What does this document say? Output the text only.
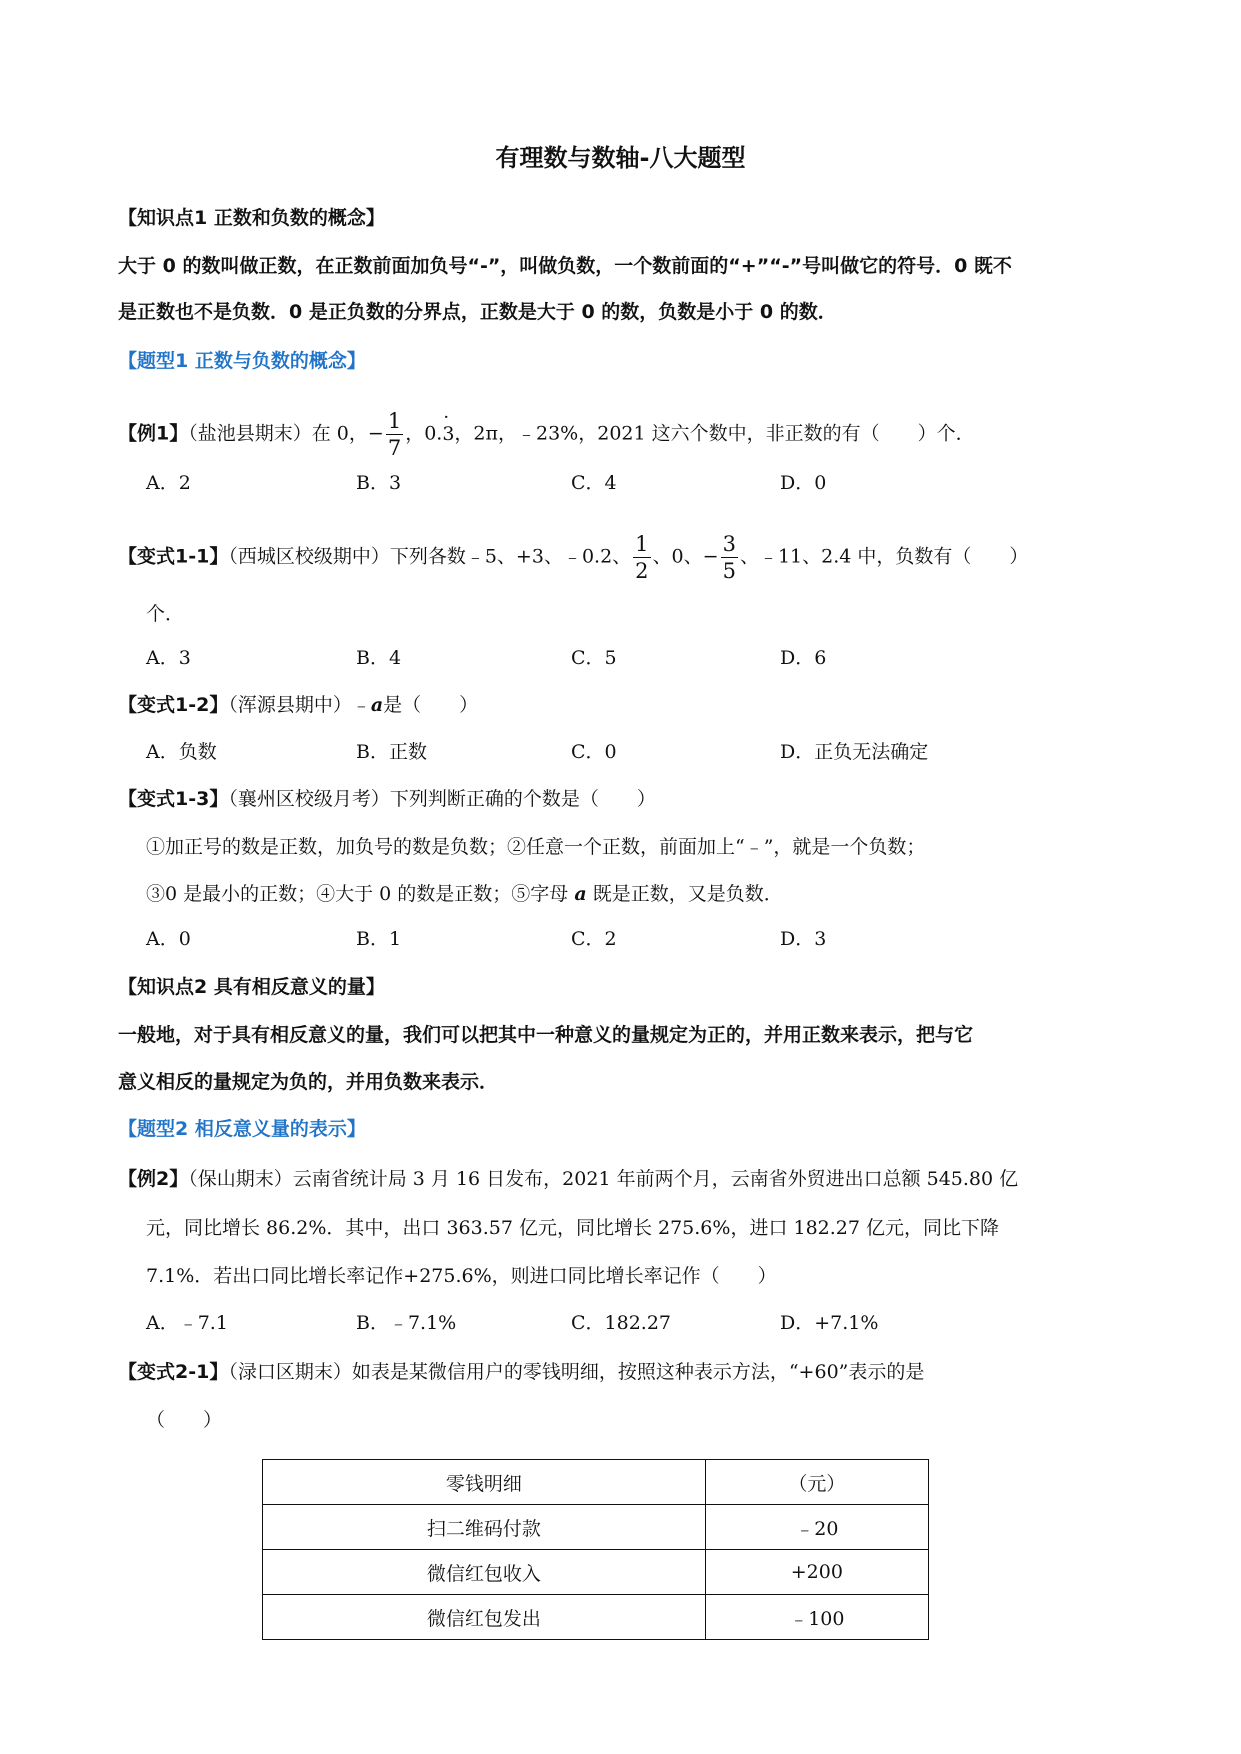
有理数与数轴-八大题型
【知识点1 正数和负数的概念】
大于 0 的数叫做正数，在正数前面加负号“-”，叫做负数，一个数前面的“+”“-”号叫做它的符号．0 既不
是正数也不是负数．0 是正负数的分界点，正数是大于 0 的数，负数是小于 0 的数．
【题型1 正数与负数的概念】
【例1】（盐池县期末）在 0，− $\frac{1}{7}$ ，0.· 3，2π，﹣23%，2021 这六个数中，非正数的有（　　）个．
A．2	B．3	C．4	D．0
【变式1-1】（西城区校级期中）下列各数﹣5、+3、﹣0.2、 $\frac{1}{2}$ 、0、− $\frac{3}{5}$ 、﹣11、2.4 中，负数有（　　）
个．
A．3	B．4	C．5	D．6
【变式1-2】（浑源县期中）﹣a是（　　）
A．负数	B．正数	C．0	D．正负无法确定
【变式1-3】（襄州区校级月考）下列判断正确的个数是（　　）
①加正号的数是正数，加负号的数是负数；②任意一个正数，前面加上“﹣”，就是一个负数；
③0 是最小的正数；④大于 0 的数是正数；⑤字母 a 既是正数，又是负数．
A．0	B．1	C．2	D．3
【知识点2 具有相反意义的量】
一般地，对于具有相反意义的量，我们可以把其中一种意义的量规定为正的，并用正数来表示，把与它
意义相反的量规定为负的，并用负数来表示．
【题型2 相反意义量的表示】
【例2】（保山期末）云南省统计局 3 月 16 日发布，2021 年前两个月，云南省外贸进出口总额 545.80 亿
元，同比增长 86.2%．其中，出口 363.57 亿元，同比增长 275.6%，进口 182.27 亿元，同比下降
7.1%．若出口同比增长率记作+275.6%，则进口同比增长率记作（　　）
A．﹣7.1	B．﹣7.1%	C．182.27	D．+7.1%
【变式2-1】（渌口区期末）如表是某微信用户的零钱明细，按照这种表示方法，“+60”表示的是
（　　）
零钱明细	（元）
扫二维码付款	﹣20
微信红包收入	+200
微信红包发出	﹣100
